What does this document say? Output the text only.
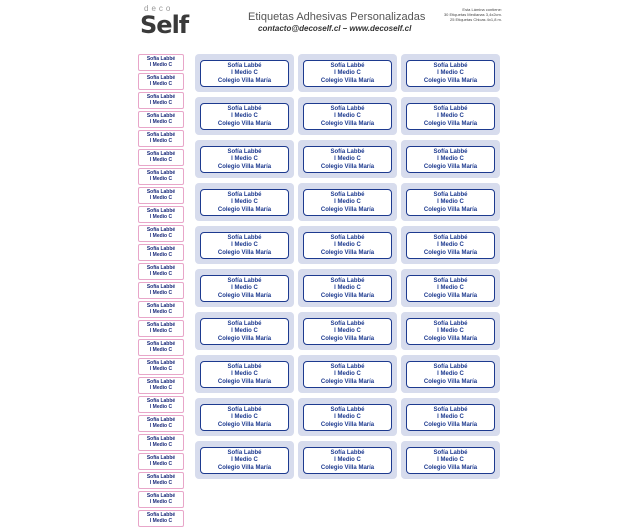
deco
Self	Etiquetas Adhesivas Personalizadas
contacto@decoself.cl – www.decoself.cl
Esta Lámina contiene:
30 Etiquetas Medianas 3,4x2cm.
25 Etiquetas Chicas 4x1,8 m.
Sofía Labbé
I Medio C
Sofía Labbé
I Medio C
Sofía Labbé
I Medio C
Sofía Labbé
I Medio C
Sofía Labbé
I Medio C
Sofía Labbé
I Medio C
Sofía Labbé
I Medio C
Sofía Labbé
I Medio C
Sofía Labbé
I Medio C
Sofía Labbé
I Medio C
Sofía Labbé
I Medio C
Sofía Labbé
I Medio C
Sofía Labbé
I Medio C
Sofía Labbé
I Medio C
Sofía Labbé
I Medio C
Sofía Labbé
I Medio C
Sofía Labbé
I Medio C
Sofía Labbé
I Medio C
Sofía Labbé
I Medio C
Sofía Labbé
I Medio C
Sofía Labbé
I Medio C
Sofía Labbé
I Medio C
Sofía Labbé
I Medio C
Sofía Labbé
I Medio C
Sofía Labbé
I Medio C
Sofía Labbé
I Medio C
Colegio Villa María
Sofía Labbé
I Medio C
Colegio Villa María
Sofía Labbé
I Medio C
Colegio Villa María
Sofía Labbé
I Medio C
Colegio Villa María
Sofía Labbé
I Medio C
Colegio Villa María
Sofía Labbé
I Medio C
Colegio Villa María
Sofía Labbé
I Medio C
Colegio Villa María
Sofía Labbé
I Medio C
Colegio Villa María
Sofía Labbé
I Medio C
Colegio Villa María
Sofía Labbé
I Medio C
Colegio Villa María
Sofía Labbé
I Medio C
Colegio Villa María
Sofía Labbé
I Medio C
Colegio Villa María
Sofía Labbé
I Medio C
Colegio Villa María
Sofía Labbé
I Medio C
Colegio Villa María
Sofía Labbé
I Medio C
Colegio Villa María
Sofía Labbé
I Medio C
Colegio Villa María
Sofía Labbé
I Medio C
Colegio Villa María
Sofía Labbé
I Medio C
Colegio Villa María
Sofía Labbé
I Medio C
Colegio Villa María
Sofía Labbé
I Medio C
Colegio Villa María
Sofía Labbé
I Medio C
Colegio Villa María
Sofía Labbé
I Medio C
Colegio Villa María
Sofía Labbé
I Medio C
Colegio Villa María
Sofía Labbé
I Medio C
Colegio Villa María
Sofía Labbé
I Medio C
Colegio Villa María
Sofía Labbé
I Medio C
Colegio Villa María
Sofía Labbé
I Medio C
Colegio Villa María
Sofía Labbé
I Medio C
Colegio Villa María
Sofía Labbé
I Medio C
Colegio Villa María
Sofía Labbé
I Medio C
Colegio Villa María
